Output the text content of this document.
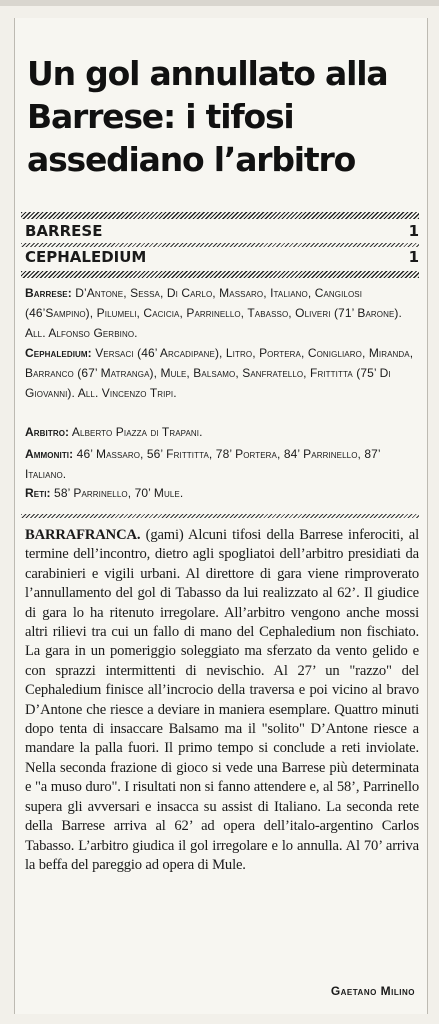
Un gol annullato alla Barrese: i tifosi assediano l’arbitro
BARRESE	1
CEPHALEDIUM	1

Barrese: D’Antone, Sessa, Di Carlo, Massaro, Italiano, Cangilosi (46’Sampino), Pilumeli, Cacicia, Parrinello, Tabasso, Oliveri (71’ Barone). All. Alfonso Gerbino.

Cephaledium: Versaci (46’ Arcadipane), Litro, Portera, Conigliaro, Miranda, Barranco (67’ Matranga), Mule, Balsamo, Sanfratello, Frittitta (75’ Di Giovanni). All. Vincenzo Tripi.

Arbitro: Alberto Piazza di Trapani.

Ammoniti: 46’ Massaro, 56’ Frittitta, 78’ Portera, 84’ Parrinello, 87’ Italiano.

Reti: 58’ Parrinello, 70’ Mule.

BARRAFRANCA. (gami) Alcuni tifosi della Barrese inferociti, al termine dell’incontro, dietro agli spogliatoi dell’arbitro presidiati da carabinieri e vigili urbani. Al direttore di gara viene rimproverato l’annullamento del gol di Tabasso da lui realizzato al 62’. Il giudice di gara lo ha ritenuto irregolare. All’arbitro vengono anche mossi altri rilievi tra cui un fallo di mano del Cephaledium non fischiato. La gara in un pomeriggio soleggiato ma sferzato da vento gelido e con sprazzi intermittenti di nevischio. Al 27’ un "razzo" del Cephaledium finisce all’incrocio della traversa e poi vicino al bravo D’Antone che riesce a deviare in maniera esemplare. Quattro minuti dopo tenta di insaccare Balsamo ma il "solito" D’Antone riesce a mandare la palla fuori. Il primo tempo si conclude a reti inviolate. Nella seconda frazione di gioco si vede una Barrese più determinata e "a muso duro". I risultati non si fanno attendere e, al 58’, Parrinello supera gli avversari e insacca su assist di Italiano. La seconda rete della Barrese arriva al 62’ ad opera dell’italo-argentino Carlos Tabasso. L’arbitro giudica il gol irregolare e lo annulla. Al 70’ arriva la beffa del pareggio ad opera di Mule.

Gaetano Milino
